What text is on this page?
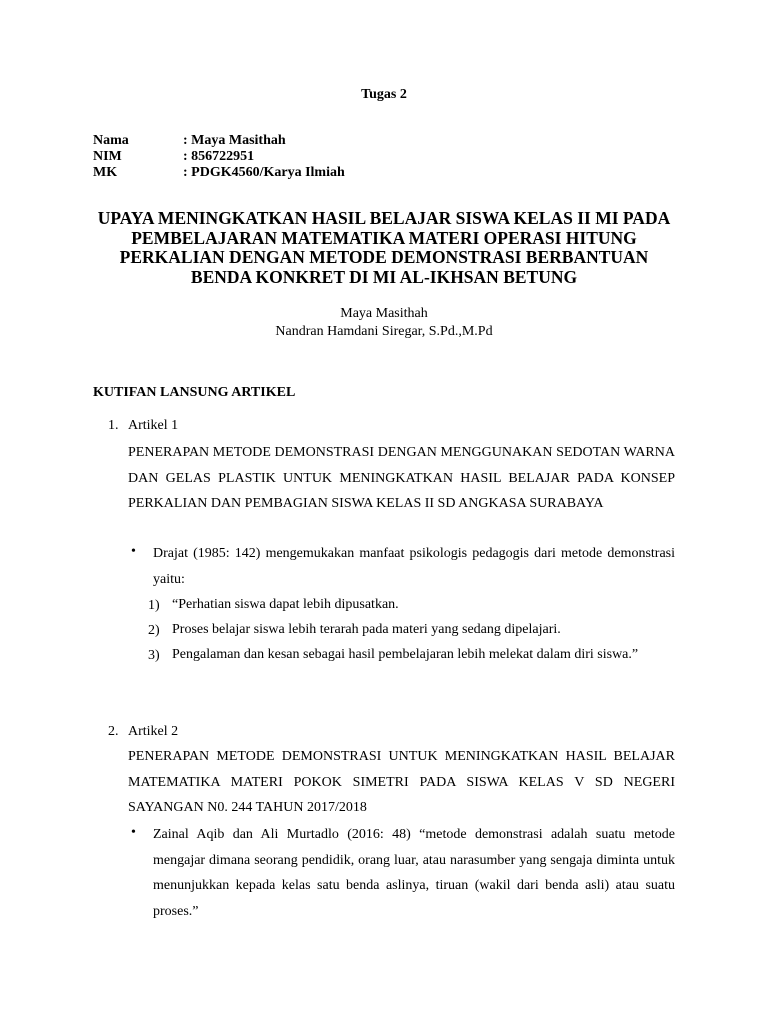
Tugas 2
Nama	: Maya Masithah
NIM	: 856722951
MK	: PDGK4560/Karya Ilmiah
UPAYA MENINGKATKAN HASIL BELAJAR SISWA KELAS II MI PADA PEMBELAJARAN MATEMATIKA MATERI OPERASI HITUNG PERKALIAN DENGAN METODE DEMONSTRASI BERBANTUAN BENDA KONKRET DI MI AL-IKHSAN BETUNG
Maya Masithah
Nandran Hamdani Siregar, S.Pd.,M.Pd
KUTIFAN LANSUNG ARTIKEL
1. Artikel 1
PENERAPAN METODE DEMONSTRASI DENGAN MENGGUNAKAN SEDOTAN WARNA DAN GELAS PLASTIK UNTUK MENINGKATKAN HASIL BELAJAR PADA KONSEP PERKALIAN DAN PEMBAGIAN SISWA KELAS II SD ANGKASA SURABAYA
• Drajat (1985: 142) mengemukakan manfaat psikologis pedagogis dari metode demonstrasi yaitu:
1) “Perhatian siswa dapat lebih dipusatkan.
2) Proses belajar siswa lebih terarah pada materi yang sedang dipelajari.
3) Pengalaman dan kesan sebagai hasil pembelajaran lebih melekat dalam diri siswa.”
2. Artikel 2
PENERAPAN METODE DEMONSTRASI UNTUK MENINGKATKAN HASIL BELAJAR MATEMATIKA MATERI POKOK SIMETRI PADA SISWA KELAS V SD NEGERI SAYANGAN N0. 244 TAHUN 2017/2018
• Zainal Aqib dan Ali Murtadlo (2016: 48) “metode demonstrasi adalah suatu metode mengajar dimana seorang pendidik, orang luar, atau narasumber yang sengaja diminta untuk menunjukkan kepada kelas satu benda aslinya, tiruan (wakil dari benda asli) atau suatu proses.”
